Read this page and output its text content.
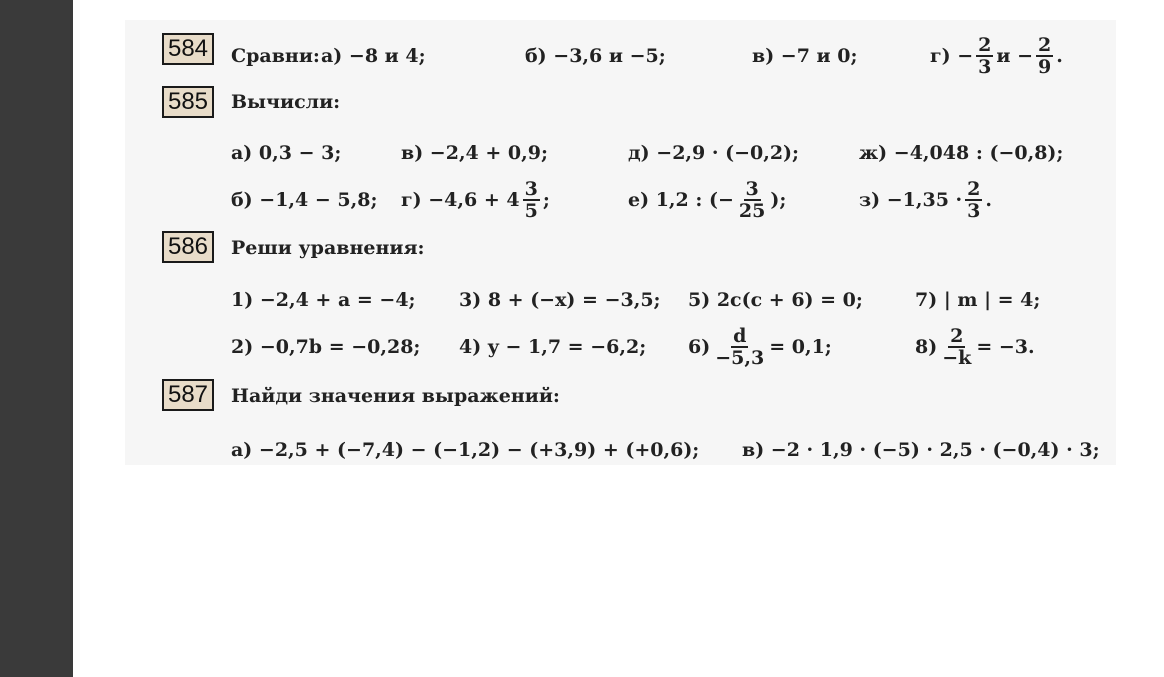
584	Сравни: а) −8 и 4;	б) −3,6 и −5;	в) −7 и 0;	$г) - \frac{2}{3}$ $и - \frac{2}{9}$ .
585	Вычисли:
а) 0,3 − 3;	в) −2,4 + 0,9;	д) −2,9 · (−0,2);	ж) −4,048 : (−0,8);
б) −1,4 − 5,8; $г) -4,6 + 4 \frac{3}{5}$ ;	е) 1,2 : (− $\frac{3}{25}$ );	$з) -1,35 \cdot \frac{2}{3}$ .
586	Реши уравнения:
1) −2,4 + a = −4; 3) 8 + (−x) = −3,5; 5) 2c(c + 6) = 0;	7) | m | = 4;
2) −0,7b = −0,28; 4) y − 1,7 = −6,2; $6) \frac{d}{-5,3} = 0,1$;	$8) \frac{2}{-k} = -3$.
587	Найди значения выражений:
а) −2,5 + (−7,4) − (−1,2) − (+3,9) + (+0,6); в) −2 · 1,9 · (−5) · 2,5 · (−0,4) · 3;
